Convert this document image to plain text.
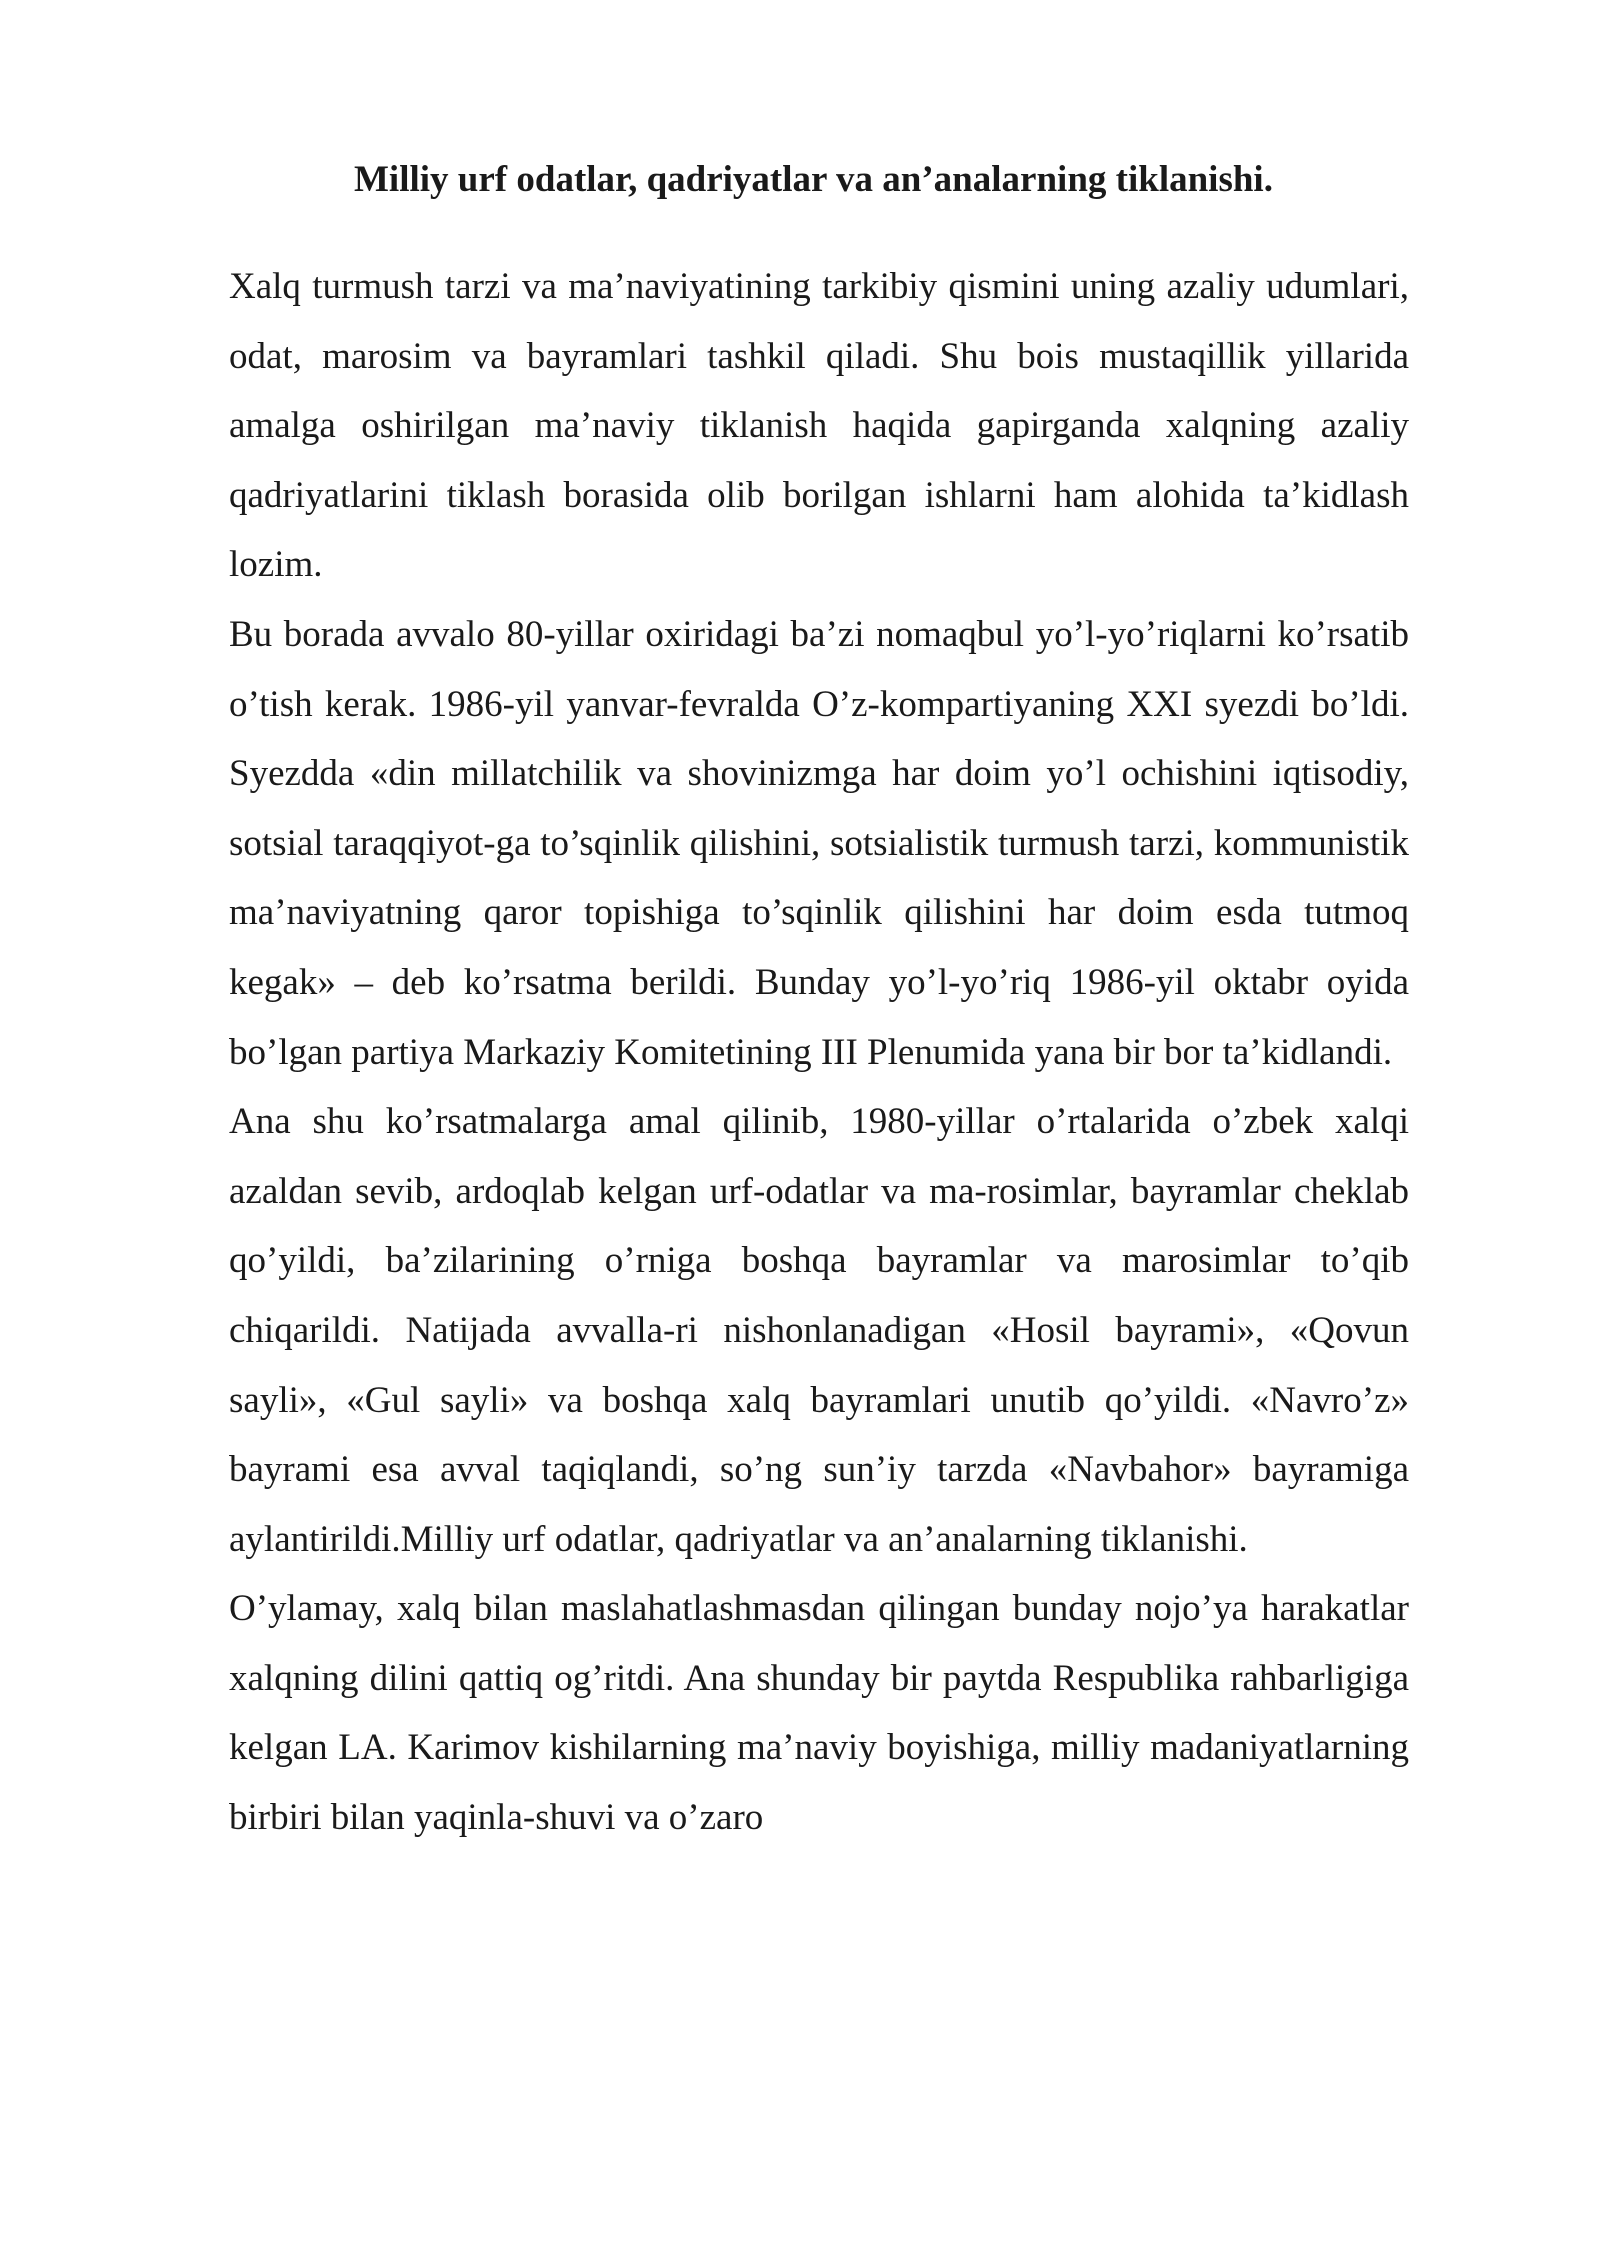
Milliy urf odatlar, qadriyatlar va an’analarning tiklanishi.

Xalq turmush tarzi va ma’naviyatining tarkibiy qismini uning azaliy udumlari, odat, marosim va bayramlari tashkil qiladi. Shu bois mustaqillik yillarida amalga oshirilgan ma’naviy tiklanish haqida gapirganda xalqning azaliy qadriyatlarini tiklash borasida olib borilgan ishlarni ham alohida ta’kidlash lozim.

Bu borada avvalo 80-yillar oxiridagi ba’zi nomaqbul yo’l-yo’riqlarni ko’rsatib o’tish kerak. 1986-yil yanvar-fevralda O’z-kompartiyaning XXI syezdi bo’ldi. Syezdda «din millatchilik va shovinizmga har doim yo’l ochishini iqtisodiy, sotsial taraqqiyot-ga to’sqinlik qilishini, sotsialistik turmush tarzi, kommunistik ma’naviyatning qaror topishiga to’sqinlik qilishini har doim esda tutmoq kegak» – deb ko’rsatma berildi. Bunday yo’l-yo’riq 1986-yil oktabr oyida bo’lgan partiya Markaziy Komitetining III Plenumida yana bir bor ta’kidlandi.

Ana shu ko’rsatmalarga amal qilinib, 1980-yillar o’rtalarida o’zbek xalqi azaldan sevib, ardoqlab kelgan urf-odatlar va ma-rosimlar, bayramlar cheklab qo’yildi, ba’zilarining o’rniga boshqa bayramlar va marosimlar to’qib chiqarildi. Natijada avvalla-ri nishonlanadigan «Hosil bayrami», «Qovun sayli», «Gul sayli» va boshqa xalq bayramlari unutib qo’yildi. «Navro’z» bayrami esa avval taqiqlandi, so’ng sun’iy tarzda «Navbahor» bayramiga aylantirildi.Milliy urf odatlar, qadriyatlar va an’analarning tiklanishi.

O’ylamay, xalq bilan maslahatlashmasdan qilingan bunday nojo’ya harakatlar xalqning dilini qattiq og’ritdi. Ana shunday bir paytda Respublika rahbarligiga kelgan LA. Karimov kishilarning ma’naviy boyishiga, milliy madaniyatlarning birbiri bilan yaqinla-shuvi va o’zaro
